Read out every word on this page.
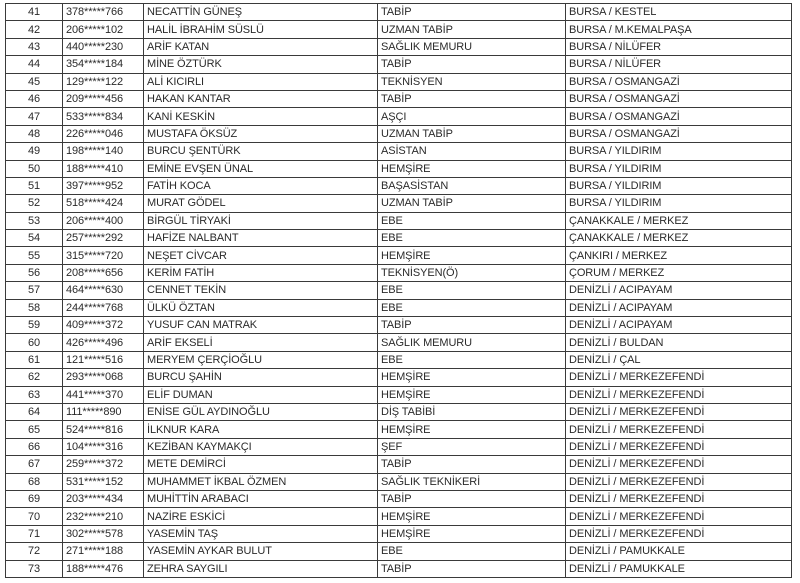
41	378*****766	NECATTİN GÜNEŞ	TABİP	BURSA / KESTEL
42	206*****102	HALİL İBRAHİM SÜSLÜ	UZMAN TABİP	BURSA / M.KEMALPAŞA
43	440*****230	ARİF KATAN	SAĞLIK MEMURU	BURSA / NİLÜFER
44	354*****184	MİNE ÖZTÜRK	TABİP	BURSA / NİLÜFER
45	129*****122	ALİ KICIRLI	TEKNİSYEN	BURSA / OSMANGAZİ
46	209*****456	HAKAN KANTAR	TABİP	BURSA / OSMANGAZİ
47	533*****834	KANİ KESKİN	AŞÇI	BURSA / OSMANGAZİ
48	226*****046	MUSTAFA ÖKSÜZ	UZMAN TABİP	BURSA / OSMANGAZİ
49	198*****140	BURCU ŞENTÜRK	ASİSTAN	BURSA / YILDIRIM
50	188*****410	EMİNE EVŞEN ÜNAL	HEMŞİRE	BURSA / YILDIRIM
51	397*****952	FATİH KOCA	BAŞASİSTAN	BURSA / YILDIRIM
52	518*****424	MURAT GÖDEL	UZMAN TABİP	BURSA / YILDIRIM
53	206*****400	BİRGÜL TİRYAKİ	EBE	ÇANAKKALE / MERKEZ
54	257*****292	HAFİZE NALBANT	EBE	ÇANAKKALE / MERKEZ
55	315*****720	NEŞET CİVCAR	HEMŞİRE	ÇANKIRI / MERKEZ
56	208*****656	KERİM FATİH	TEKNİSYEN(Ö)	ÇORUM / MERKEZ
57	464*****630	CENNET TEKİN	EBE	DENİZLİ / ACIPAYAM
58	244*****768	ÜLKÜ ÖZTAN	EBE	DENİZLİ / ACIPAYAM
59	409*****372	YUSUF CAN MATRAK	TABİP	DENİZLİ / ACIPAYAM
60	426*****496	ARİF EKSELİ	SAĞLIK MEMURU	DENİZLİ / BULDAN
61	121*****516	MERYEM ÇERÇİOĞLU	EBE	DENİZLİ / ÇAL
62	293*****068	BURCU ŞAHİN	HEMŞİRE	DENİZLİ / MERKEZEFENDİ
63	441*****370	ELİF DUMAN	HEMŞİRE	DENİZLİ / MERKEZEFENDİ
64	111*****890	ENİSE GÜL AYDINOĞLU	DİŞ TABİBİ	DENİZLİ / MERKEZEFENDİ
65	524*****816	İLKNUR KARA	HEMŞİRE	DENİZLİ / MERKEZEFENDİ
66	104*****316	KEZİBAN KAYMAKÇI	ŞEF	DENİZLİ / MERKEZEFENDİ
67	259*****372	METE DEMİRCİ	TABİP	DENİZLİ / MERKEZEFENDİ
68	531*****152	MUHAMMET İKBAL ÖZMEN	SAĞLIK TEKNİKERİ	DENİZLİ / MERKEZEFENDİ
69	203*****434	MUHİTTİN ARABACI	TABİP	DENİZLİ / MERKEZEFENDİ
70	232*****210	NAZİRE ESKİCİ	HEMŞİRE	DENİZLİ / MERKEZEFENDİ
71	302*****578	YASEMİN TAŞ	HEMŞİRE	DENİZLİ / MERKEZEFENDİ
72	271*****188	YASEMİN AYKAR BULUT	EBE	DENİZLİ / PAMUKKALE
73	188*****476	ZEHRA SAYGILI	TABİP	DENİZLİ / PAMUKKALE
